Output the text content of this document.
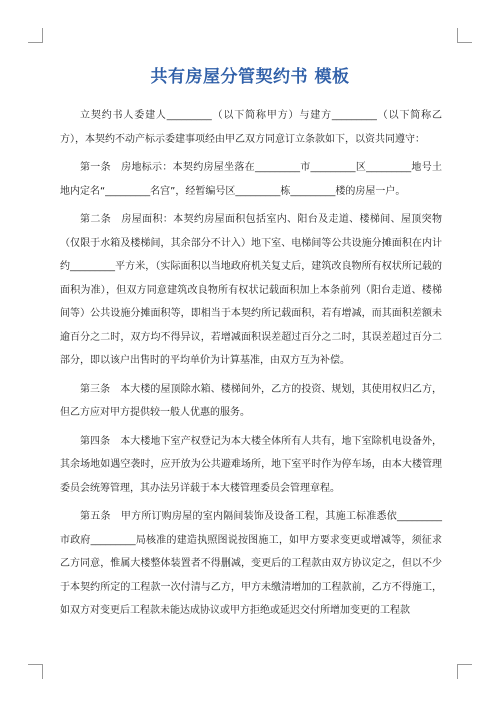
共有房屋分管契约书 模板

立契约书人委建人_________（以下简称甲方）与建方_________（以下简称乙方），本契约不动产标示委建事项经由甲乙双方同意订立条款如下，以资共同遵守：

第一条　房地标示：本契约房屋坐落在_________市_________区_________地号土地内定名“_________名宫”，经暂编号区_________栋_________楼的房屋一户。

第二条　房屋面积：本契约房屋面积包括室内、阳台及走道、楼梯间、屋顶突物（仅限于水箱及楼梯间，其余部分不计入）地下室、电梯间等公共设施分摊面积在内计约_________平方米，（实际面积以当地政府机关复丈后，建筑改良物所有权状所记载的面积为准），但双方同意建筑改良物所有权状记载面积加上本条前列（阳台走道、楼梯间等）公共设施分摊面积等，即相当于本契约所记载面积，若有增减，而其面积差额未逾百分之二时，双方均不得异议，若增减面积误差超过百分之二时，其误差超过百分二部分，即以该户出售时的平均单价为计算基准，由双方互为补偿。

第三条　本大楼的屋顶除水箱、楼梯间外，乙方的投资、规划，其使用权归乙方，但乙方应对甲方提供较一般人优惠的服务。

第四条　本大楼地下室产权登记为本大楼全体所有人共有，地下室除机电设备外，其余场地如遇空袭时，应开放为公共避难场所，地下室平时作为停车场，由本大楼管理委员会统筹管理，其办法另详载于本大楼管理委员会管理章程。

第五条　甲方所订购房屋的室内隔间装饰及设备工程，其施工标准悉依_________市政府_________局核准的建造执照图说按图施工，如甲方要求变更或增减等，须征求乙方同意，惟属大楼整体装置者不得删减，变更后的工程款由双方协议定之，但以不少于本契约所定的工程款一次付清与乙方，甲方未缴清增加的工程款前，乙方不得施工，如双方对变更后工程款未能达成协议或甲方拒绝或延迟交付所增加变更的工程款
